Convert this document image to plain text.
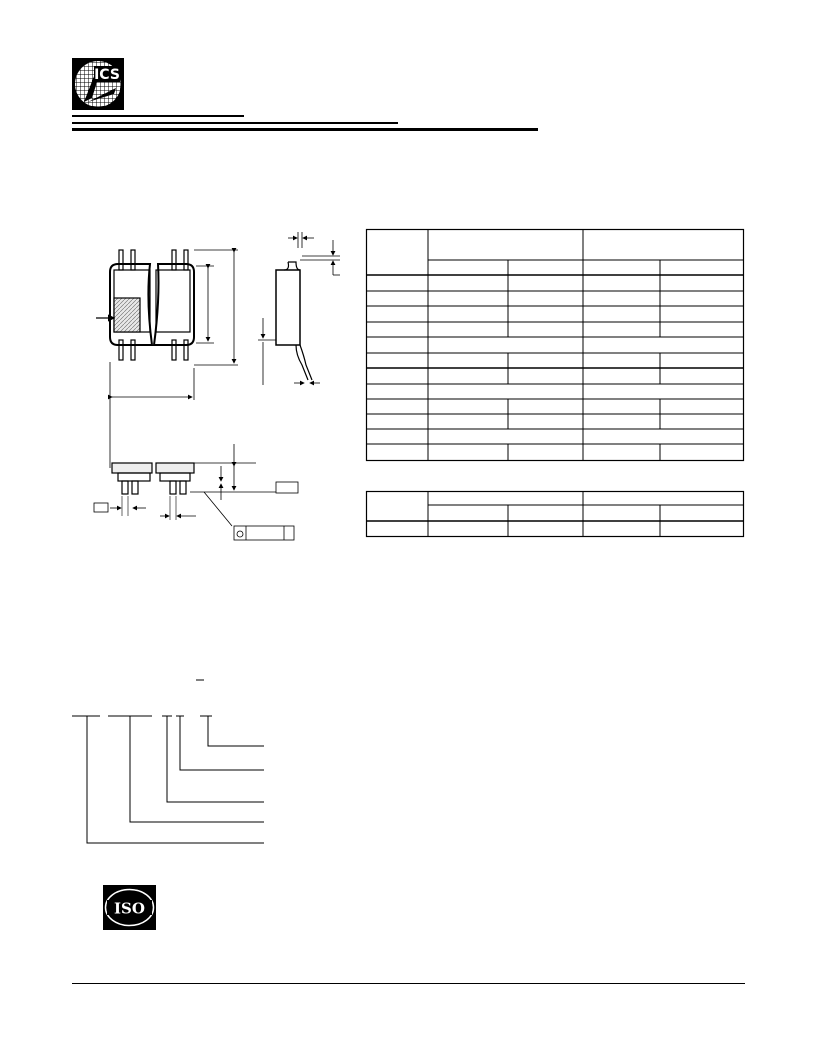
ICS
ISO
